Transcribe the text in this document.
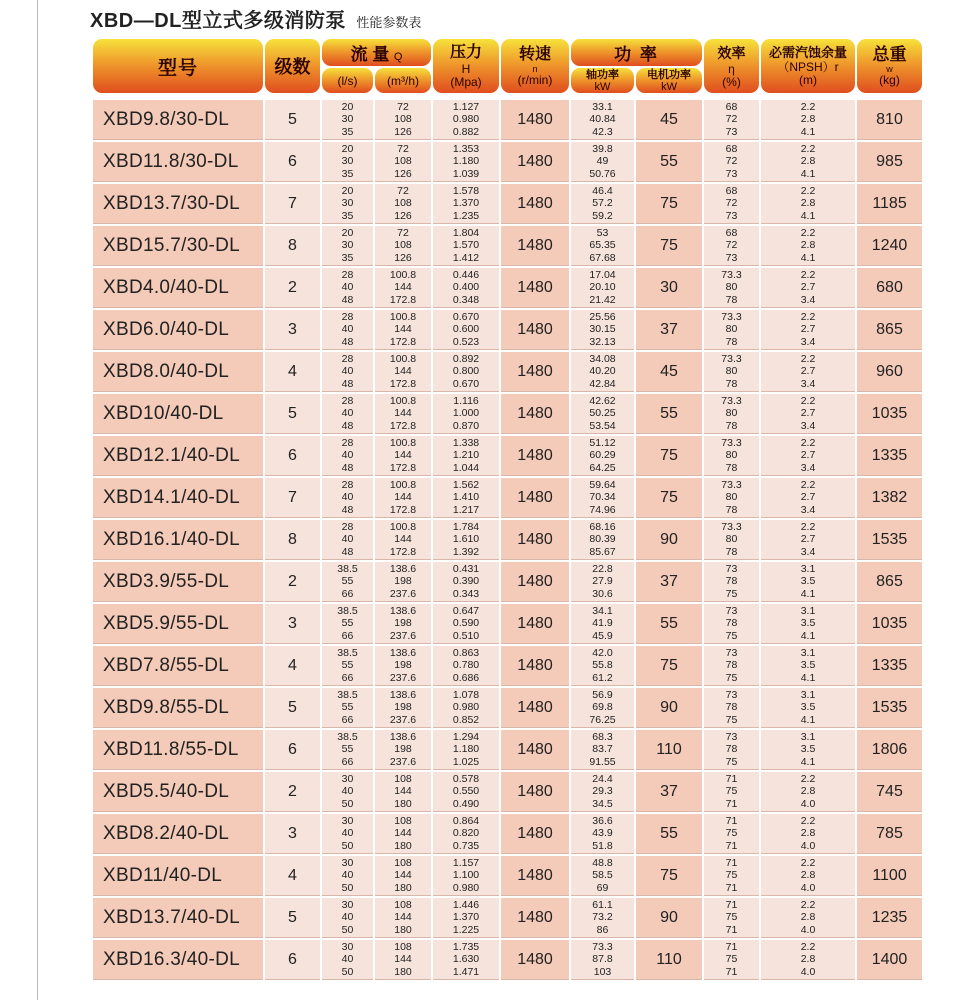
XBD—DL型立式多级消防泵 性能参数表
型号	级数	流 量 Q		压力
H
(Mpa)	转速
n
(r/min)	功 率		效率
η
(%)	必需汽蚀余量
（NPSH）r
(m)	总重
w
(kg)

		(l/s)	(m³/h)			轴功率
kW	电机功率
kW			

XBD9.8/30-DL	5	20
30
35	72
108
126	1.127
0.980
0.882	1480	33.1
40.84
42.3	45	68
72
73	2.2
2.8
4.1	810
XBD11.8/30-DL	6	20
30
35	72
108
126	1.353
1.180
1.039	1480	39.8
49
50.76	55	68
72
73	2.2
2.8
4.1	985
XBD13.7/30-DL	7	20
30
35	72
108
126	1.578
1.370
1.235	1480	46.4
57.2
59.2	75	68
72
73	2.2
2.8
4.1	1185
XBD15.7/30-DL	8	20
30
35	72
108
126	1.804
1.570
1.412	1480	53
65.35
67.68	75	68
72
73	2.2
2.8
4.1	1240
XBD4.0/40-DL	2	28
40
48	100.8
144
172.8	0.446
0.400
0.348	1480	17.04
20.10
21.42	30	73.3
80
78	2.2
2.7
3.4	680
XBD6.0/40-DL	3	28
40
48	100.8
144
172.8	0.670
0.600
0.523	1480	25.56
30.15
32.13	37	73.3
80
78	2.2
2.7
3.4	865
XBD8.0/40-DL	4	28
40
48	100.8
144
172.8	0.892
0.800
0.670	1480	34.08
40.20
42.84	45	73.3
80
78	2.2
2.7
3.4	960
XBD10/40-DL	5	28
40
48	100.8
144
172.8	1.116
1.000
0.870	1480	42.62
50.25
53.54	55	73.3
80
78	2.2
2.7
3.4	1035
XBD12.1/40-DL	6	28
40
48	100.8
144
172.8	1.338
1.210
1.044	1480	51.12
60.29
64.25	75	73.3
80
78	2.2
2.7
3.4	1335
XBD14.1/40-DL	7	28
40
48	100.8
144
172.8	1.562
1.410
1.217	1480	59.64
70.34
74.96	75	73.3
80
78	2.2
2.7
3.4	1382
XBD16.1/40-DL	8	28
40
48	100.8
144
172.8	1.784
1.610
1.392	1480	68.16
80.39
85.67	90	73.3
80
78	2.2
2.7
3.4	1535
XBD3.9/55-DL	2	38.5
55
66	138.6
198
237.6	0.431
0.390
0.343	1480	22.8
27.9
30.6	37	73
78
75	3.1
3.5
4.1	865
XBD5.9/55-DL	3	38.5
55
66	138.6
198
237.6	0.647
0.590
0.510	1480	34.1
41.9
45.9	55	73
78
75	3.1
3.5
4.1	1035
XBD7.8/55-DL	4	38.5
55
66	138.6
198
237.6	0.863
0.780
0.686	1480	42.0
55.8
61.2	75	73
78
75	3.1
3.5
4.1	1335
XBD9.8/55-DL	5	38.5
55
66	138.6
198
237.6	1.078
0.980
0.852	1480	56.9
69.8
76.25	90	73
78
75	3.1
3.5
4.1	1535
XBD11.8/55-DL	6	38.5
55
66	138.6
198
237.6	1.294
1.180
1.025	1480	68.3
83.7
91.55	110	73
78
75	3.1
3.5
4.1	1806
XBD5.5/40-DL	2	30
40
50	108
144
180	0.578
0.550
0.490	1480	24.4
29.3
34.5	37	71
75
71	2.2
2.8
4.0	745
XBD8.2/40-DL	3	30
40
50	108
144
180	0.864
0.820
0.735	1480	36.6
43.9
51.8	55	71
75
71	2.2
2.8
4.0	785
XBD11/40-DL	4	30
40
50	108
144
180	1.157
1.100
0.980	1480	48.8
58.5
69	75	71
75
71	2.2
2.8
4.0	1100
XBD13.7/40-DL	5	30
40
50	108
144
180	1.446
1.370
1.225	1480	61.1
73.2
86	90	71
75
71	2.2
2.8
4.0	1235
XBD16.3/40-DL	6	30
40
50	108
144
180	1.735
1.630
1.471	1480	73.3
87.8
103	110	71
75
71	2.2
2.8
4.0	1400
